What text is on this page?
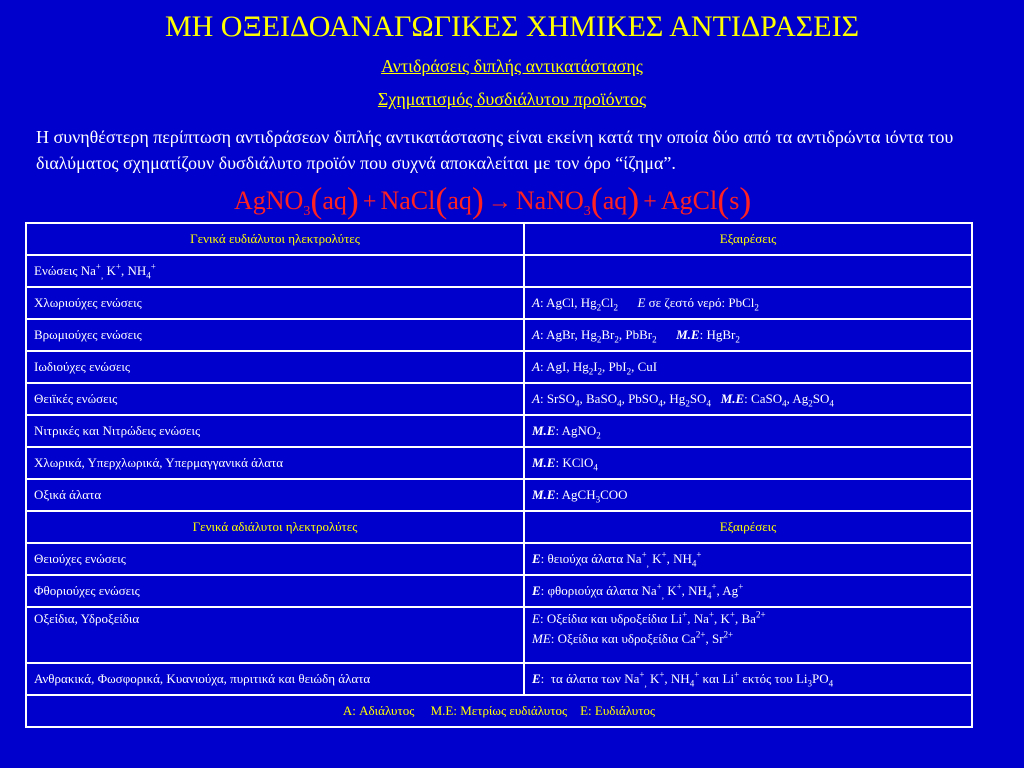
ΜΗ ΟΞΕΙΔΟΑΝΑΓΩΓΙΚΕΣ ΧΗΜΙΚΕΣ ΑΝΤΙΔΡΑΣΕΙΣ
Αντιδράσεις διπλής αντικατάστασης
Σχηματισμός δυσδιάλυτου προϊόντος
Η συνηθέστερη περίπτωση αντιδράσεων διπλής αντικατάστασης είναι εκείνη κατά την οποία δύο από τα αντιδρώντα ιόντα του διαλύματος σχηματίζουν δυσδιάλυτο προϊόν που συχνά αποκαλείται με τον όρο “ίζημα”.
AgNO$_3$(aq) + NaCl(aq) → NaNO$_3$(aq) + AgCl(s)
Γενικά ευδιάλυτοι ηλεκτρολύτες	Εξαιρέσεις
Ενώσεις $Na^+_,$ K+, $NH_4^+$	
Χλωριούχες ενώσεις	A: AgCl, $Hg_2Cl_2$ E σε ζεστό νερό: PbCl$_2$
Βρωμιούχες ενώσεις	A: AgBr, $Hg_2Br_2$, PbBr$_2$ M.E: HgBr$_2$
Ιωδιούχες ενώσεις	A: AgI, $Hg_2I_2$, PbI$_2$, CuI
Θειϊκές ενώσεις	A: SrSO$_4$, BaSO$_4$, PbSO$_4$, $Hg_2SO_4$ M.E: CaSO$_4$, $Ag_2SO_4$
Νιτρικές και Νιτρώδεις ενώσεις	M.E: AgNO$_2$
Χλωρικά, Υπερχλωρικά, Υπερμαγγανικά άλατα	M.E: KClO$_4$
Οξικά άλατα	M.E: AgCH$_3$COO
Γενικά αδιάλυτοι ηλεκτρολύτες	Εξαιρέσεις
Θειούχες ενώσεις	E: θειούχα άλατα $Na^+_,$ K+, $NH_4^+$
Φθοριούχες ενώσεις	E: φθοριούχα άλατα $Na^+_,$ K+, $NH_4^+$, Ag+
Οξείδια, Υδροξείδια	E: Οξείδια και υδροξείδια Li+, Na+, K+, $Ba^{2+}$
ME: Οξείδια και υδροξείδια $Ca^{2+}$, $Sr^{2+}$

Ανθρακικά, Φωσφορικά, Κυανιούχα, πυριτικά και θειώδη άλατα	E:  τα άλατα των $Na^+_,$ K+, $NH_4^+$ και Li+ εκτός του $Li_3PO_4$
A: Αδιάλυτος     Μ.Ε: Μετρίως ευδιάλυτος    Ε: Ευδιάλυτος	
